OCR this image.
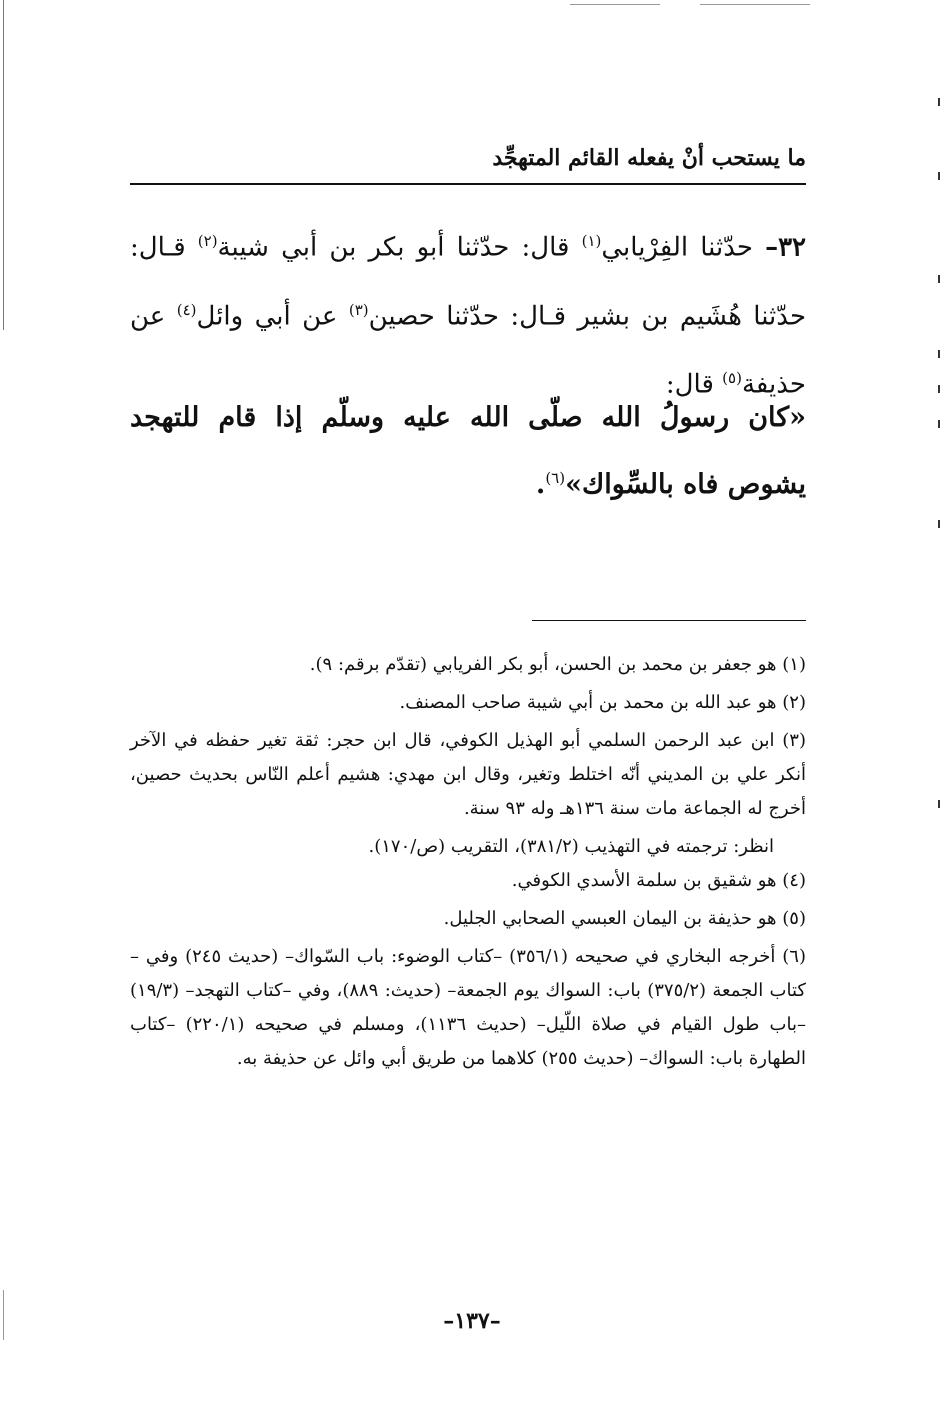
ما يستحب أنْ يفعله القائم المتهجِّد
٣٢– حدّثنا الفِرْيابي$^{(١)}$ قال: حدّثنا أبو بكر بن أبي شيبة$^{(٢)}$ قـال: حدّثنا هُشَيم بن بشير قـال: حدّثنا حصين$^{(٣)}$ عن أبي وائل$^{(٤)}$ عن حذيفة$^{(٥)}$ قال:
«كان رسولُ الله صلّى الله عليه وسلّم إذا قام للتهجد يشوص فاه بالسِّواك»$^{(٦)}$.

(١) هو جعفر بن محمد بن الحسن، أبو بكر الفريابي (تقدّم برقم: ٩).

(٢) هو عبد الله بن محمد بن أبي شيبة صاحب المصنف.

(٣) ابن عبد الرحمن السلمي أبو الهذيل الكوفي، قال ابن حجر: ثقة تغير حفظه في الآخر أنكر علي بن المديني أنّه اختلط وتغير، وقال ابن مهدي: هشيم أعلم النّاس بحديث حصين، أخرج له الجماعة مات سنة ١٣٦هـ وله ٩٣ سنة.

انظر: ترجمته في التهذيب (٣٨١/٢)، التقريب (ص/١٧٠).

(٤) هو شقيق بن سلمة الأسدي الكوفي.

(٥) هو حذيفة بن اليمان العبسي الصحابي الجليل.

(٦) أخرجه البخاري في صحيحه (٣٥٦/١) –كتاب الوضوء: باب السّواك– (حديث ٢٤٥) وفي –كتاب الجمعة (٣٧٥/٢) باب: السواك يوم الجمعة– (حديث: ٨٨٩)، وفي –كتاب التهجد– (١٩/٣) –باب طول القيام في صلاة اللّيل– (حديث ١١٣٦)، ومسلم في صحيحه (٢٢٠/١) –كتاب الطهارة باب: السواك– (حديث ٢٥٥) كلاهما من طريق أبي وائل عن حذيفة به.

–١٣٧–
